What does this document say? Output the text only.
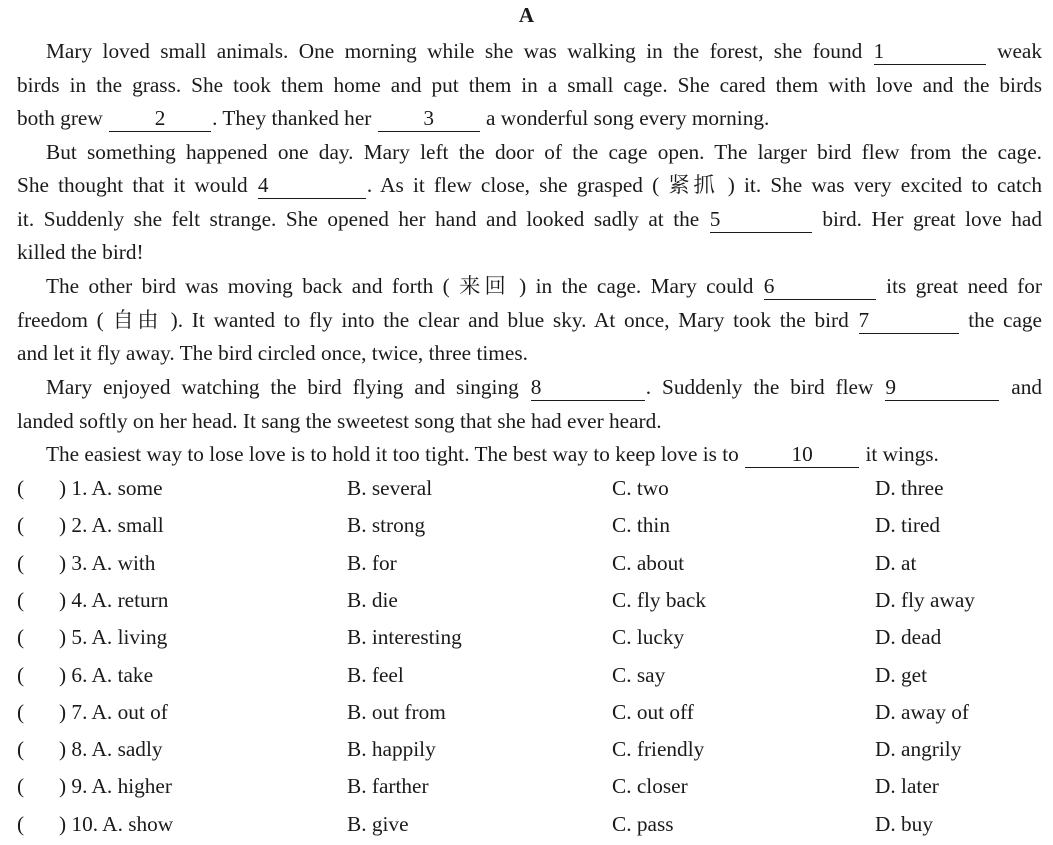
A
Mary loved small animals. One morning while she was walking in the forest, she found 1	weak
birds in the grass. She took them home and put them in a small cage. She cared them with love and the birds
both grew 2 . They thanked her 3 a wonderful song every morning.
But something happened one day. Mary left the door of the cage open. The larger bird flew from the cage.
She thought that it would 4	. As it flew close, she grasped ( 紧抓 ) it. She was very excited to catch
it. Suddenly she felt strange. She opened her hand and looked sadly at the 5	bird. Her great love had
killed the bird!
The other bird was moving back and forth ( 来回 ) in the cage. Mary could 6	its great need for
freedom ( 自由 ). It wanted to fly into the clear and blue sky. At once, Mary took the bird 7	the cage
and let it fly away. The bird circled once, twice, three times.
Mary enjoyed watching the bird flying and singing 8	. Suddenly the bird flew 9	and
landed softly on her head. It sang the sweetest song that she had ever heard.
The easiest way to lose love is to hold it too tight. The best way to keep love is to 10 it wings.
( ) 1. A. some	B. several	C. two	D. three
( ) 2. A. small	B. strong	C. thin	D. tired
( ) 3. A. with	B. for	C. about	D. at
( ) 4. A. return	B. die	C. fly back	D. fly away
( ) 5. A. living	B. interesting	C. lucky	D. dead
( ) 6. A. take	B. feel	C. say	D. get
( ) 7. A. out of	B. out from	C. out off	D. away of
( ) 8. A. sadly	B. happily	C. friendly	D. angrily
( ) 9. A. higher	B. farther	C. closer	D. later
( ) 10. A. show	B. give	C. pass	D. buy
